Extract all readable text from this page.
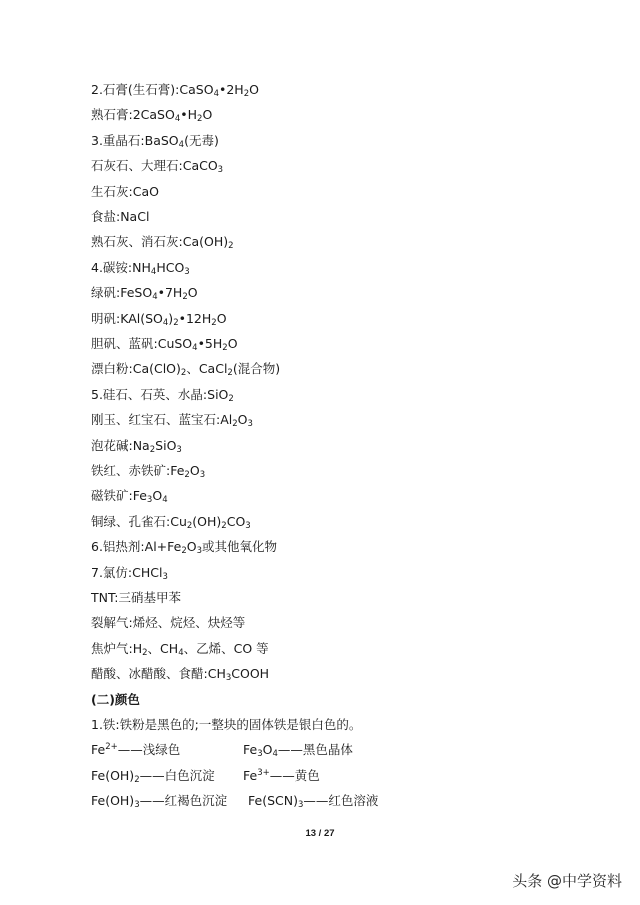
2.石膏(生石膏)$:CaSO_4•2H_2O$
熟石膏$:2CaSO_4•H_2O$
3.重晶石:BaSO$_4$(无毒)
石灰石、大理石:CaCO$_3$
生石灰:CaO
食盐:NaCl
熟石灰、消石灰$:Ca(OH)_2$
4.碳铵$:NH_4HCO_3$
绿矾$:FeSO_4•7H_2O$
明矾$:KAl(SO_4)_2•12H_2O$
胆矾、蓝矾$:CuSO_4•5H_2O$
漂白粉$:Ca(ClO)_2$、CaCl$_2$(混合物)
5.硅石、石英、水晶:SiO$_2$
刚玉、红宝石、蓝宝石$:Al_2O_3$
泡花碱$:Na_2SiO_3$
铁红、赤铁矿$:Fe_2O_3$
磁铁矿$:Fe_3O_4$
铜绿、孔雀石$:Cu_2(OH)_2CO_3$
6.铝热剂$:Al+Fe_2O_3$或其他氧化物
7.氯仿:CHCl$_3$
TNT:三硝基甲苯
裂解气:烯烃、烷烃、炔烃等
焦炉气$:H_2$、$CH_4$、乙烯、CO 等
醋酸、冰醋酸、食醋$:CH_3COOH$
(二)颜色
1.铁:铁粉是黑色的;一整块的固体铁是银白色的。
$Fe^{2+}——$浅绿色	$Fe_3O_4——$黑色晶体
$Fe(OH)_2——$白色沉淀 $Fe^{3+}——$黄色
$Fe(OH)_3——$红褐色沉淀 $Fe(SCN)_3——$红色溶液
13 / 27
头条 @中学资料
